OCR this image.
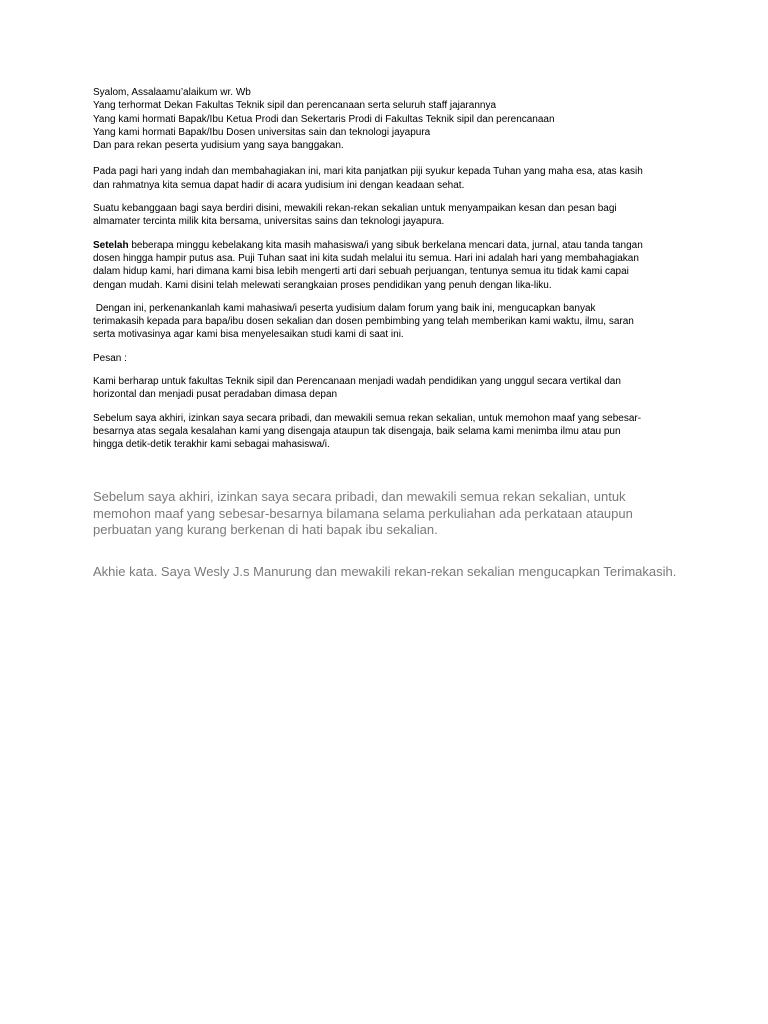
Syalom, Assalaamu’alaikum wr. Wb
Yang terhormat Dekan Fakultas Teknik sipil dan perencanaan serta seluruh staff jajarannya
Yang kami hormati Bapak/Ibu Ketua Prodi dan Sekertaris Prodi di Fakultas Teknik sipil dan perencanaan
Yang kami hormati Bapak/Ibu Dosen universitas sain dan teknologi jayapura
Dan para rekan peserta yudisium yang saya banggakan.

Pada pagi hari yang indah dan membahagiakan ini, mari kita panjatkan piji syukur kepada Tuhan yang maha esa, atas kasih
dan rahmatnya kita semua dapat hadir di acara yudisium ini dengan keadaan sehat.

Suatu kebanggaan bagi saya berdiri disini, mewakili rekan-rekan sekalian untuk menyampaikan kesan dan pesan bagi
almamater tercinta milik kita bersama, universitas sains dan teknologi jayapura.

Setelah beberapa minggu kebelakang kita masih mahasiswa/i yang sibuk berkelana mencari data, jurnal, atau tanda tangan
dosen hingga hampir putus asa. Puji Tuhan saat ini kita sudah melalui itu semua. Hari ini adalah hari yang membahagiakan
dalam hidup kami, hari dimana kami bisa lebih mengerti arti dari sebuah perjuangan, tentunya semua itu tidak kami capai
dengan mudah. Kami disini telah melewati serangkaian proses pendidikan yang penuh dengan lika-liku.

Dengan ini, perkenankanlah kami mahasiwa/i peserta yudisium dalam forum yang baik ini, mengucapkan banyak
terimakasih kepada para bapa/ibu dosen sekalian dan dosen pembimbing yang telah memberikan kami waktu, ilmu, saran
serta motivasinya agar kami bisa menyelesaikan studi kami di saat ini.

Pesan :

Kami berharap untuk fakultas Teknik sipil dan Perencanaan menjadi wadah pendidikan yang unggul secara vertikal dan
horizontal dan menjadi pusat peradaban dimasa depan

Sebelum saya akhiri, izinkan saya secara pribadi, dan mewakili semua rekan sekalian, untuk memohon maaf yang sebesar-
besarnya atas segala kesalahan kami yang disengaja ataupun tak disengaja, baik selama kami menimba ilmu atau pun
hingga detik-detik terakhir kami sebagai mahasiswa/i.

Sebelum saya akhiri, izinkan saya secara pribadi, dan mewakili semua rekan sekalian, untuk
memohon maaf yang sebesar-besarnya bilamana selama perkuliahan ada perkataan ataupun
perbuatan yang kurang berkenan di hati bapak ibu sekalian.
Akhie kata. Saya Wesly J.s Manurung dan mewakili rekan-rekan sekalian mengucapkan Terimakasih.
